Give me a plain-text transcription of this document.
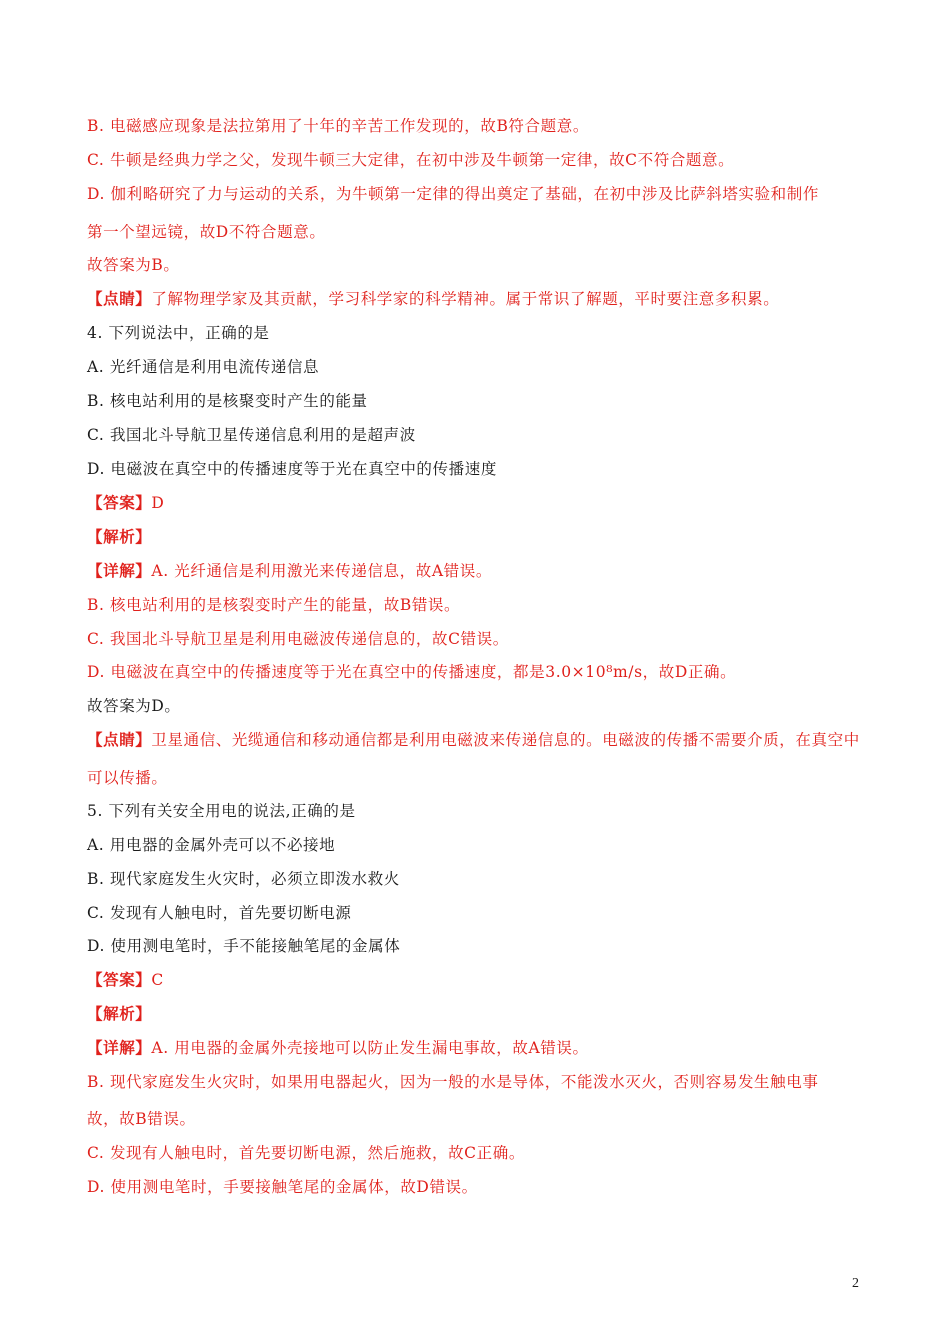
B. 电磁感应现象是法拉第用了十年的辛苦工作发现的，故B符合题意。
C. 牛顿是经典力学之父，发现牛顿三大定律，在初中涉及牛顿第一定律，故C不符合题意。
D. 伽利略研究了力与运动的关系，为牛顿第一定律的得出奠定了基础，在初中涉及比萨斜塔实验和制作
第一个望远镜，故D不符合题意。
故答案为B。
【点睛】了解物理学家及其贡献，学习科学家的科学精神。属于常识了解题，平时要注意多积累。
4. 下列说法中，正确的是
A. 光纤通信是利用电流传递信息
B. 核电站利用的是核聚变时产生的能量
C. 我国北斗导航卫星传递信息利用的是超声波
D. 电磁波在真空中的传播速度等于光在真空中的传播速度
【答案】D
【解析】
【详解】A. 光纤通信是利用激光来传递信息，故A错误。
B. 核电站利用的是核裂变时产生的能量，故B错误。
C. 我国北斗导航卫星是利用电磁波传递信息的，故C错误。
D. 电磁波在真空中的传播速度等于光在真空中的传播速度，都是3.0×10⁸m/s，故D正确。
故答案为D。
【点睛】卫星通信、光缆通信和移动通信都是利用电磁波来传递信息的。电磁波的传播不需要介质，在真空中
可以传播。
5. 下列有关安全用电的说法,正确的是
A. 用电器的金属外壳可以不必接地
B. 现代家庭发生火灾时，必须立即泼水救火
C. 发现有人触电时，首先要切断电源
D. 使用测电笔时，手不能接触笔尾的金属体
【答案】C
【解析】
【详解】A. 用电器的金属外壳接地可以防止发生漏电事故，故A错误。
B. 现代家庭发生火灾时，如果用电器起火，因为一般的水是导体，不能泼水灭火，否则容易发生触电事
故，故B错误。
C. 发现有人触电时，首先要切断电源，然后施救，故C正确。
D. 使用测电笔时，手要接触笔尾的金属体，故D错误。
2
